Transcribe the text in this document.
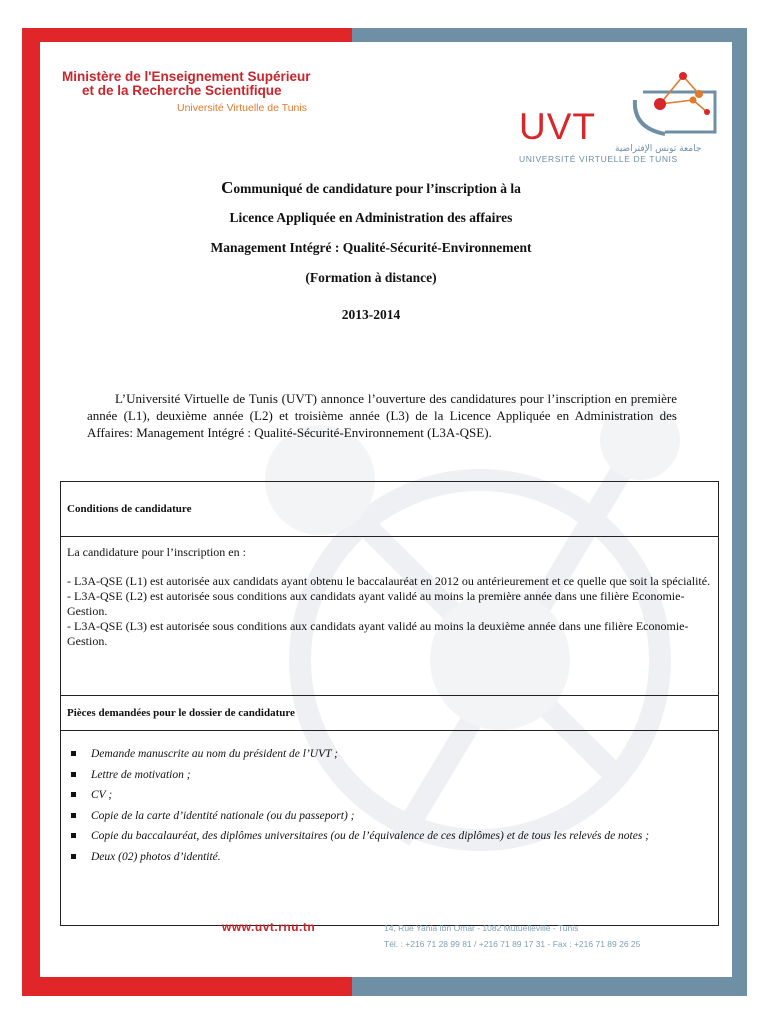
Ministère de l'Enseignement Supérieur
et de la Recherche Scientifique
Université Virtuelle de Tunis	UVT
جامعة تونس الإفتراضية
UNIVERSITÉ VIRTUELLE DE TUNIS
Communiqué de candidature pour l’inscription à la
Licence Appliquée en Administration des affaires
Management Intégré : Qualité-Sécurité-Environnement
(Formation à distance)
2013-2014

L’Université Virtuelle de Tunis (UVT) annonce l’ouverture des candidatures pour l’inscription en première année (L1), deuxième année (L2) et troisième année (L3) de la Licence Appliquée en Administration des Affaires: Management Intégré : Qualité-Sécurité-Environnement (L3A-QSE).

Conditions de candidature

La candidature pour l’inscription en :

- L3A-QSE (L1) est autorisée aux candidats ayant obtenu le baccalauréat en 2012 ou antérieurement et ce quelle que soit la spécialité.

- L3A-QSE (L2) est autorisée sous conditions aux candidats ayant validé au moins la première année dans une filière Economie-Gestion.

- L3A-QSE (L3) est autorisée sous conditions aux candidats ayant validé au moins la deuxième année dans une filière Economie-Gestion.

Pièces demandées pour le dossier de candidature

Demande manuscrite au nom du président de l’UVT ;
Lettre de motivation ;
CV ;
Copie de la carte d’identité nationale (ou du passeport) ;
Copie du baccalauréat, des diplômes universitaires (ou de l’équivalence de ces diplômes) et de tous les relevés de notes ;
Deux (02) photos d’identité.
www.uvt.rnu.tn	14, Rue Yahia Ibn Omar - 1082 Mutuelleville - Tunis
Tél. : +216 71 28 99 81 / +216 71 89 17 31 - Fax : +216 71 89 26 25
